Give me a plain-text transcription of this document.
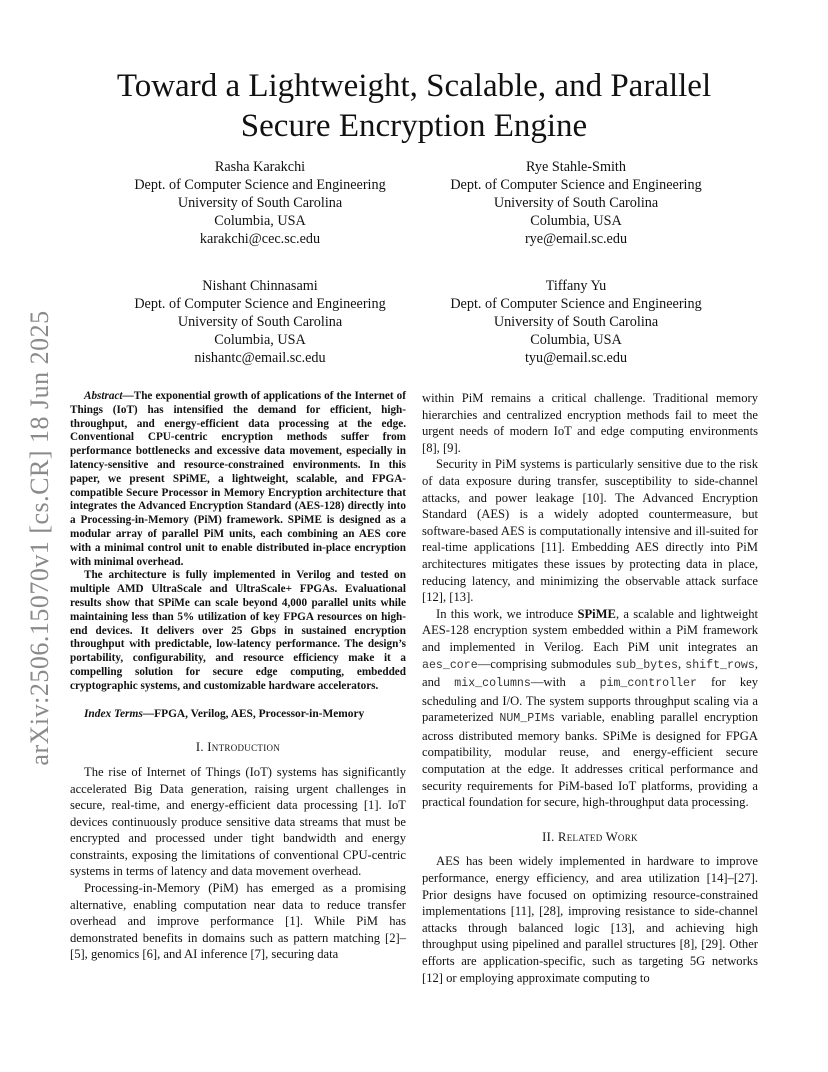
arXiv:2506.15070v1 [cs.CR] 18 Jun 2025
Toward a Lightweight, Scalable, and Parallel Secure Encryption Engine
Rasha Karakchi
Dept. of Computer Science and Engineering
University of South Carolina
Columbia, USA
karakchi@cec.sc.edu
Rye Stahle-Smith
Dept. of Computer Science and Engineering
University of South Carolina
Columbia, USA
rye@email.sc.edu
Nishant Chinnasami
Dept. of Computer Science and Engineering
University of South Carolina
Columbia, USA
nishantc@email.sc.edu
Tiffany Yu
Dept. of Computer Science and Engineering
University of South Carolina
Columbia, USA
tyu@email.sc.edu

Abstract—The exponential growth of applications of the Internet of Things (IoT) has intensified the demand for efficient, high-throughput, and energy-efficient data processing at the edge. Conventional CPU-centric encryption methods suffer from performance bottlenecks and excessive data movement, especially in latency-sensitive and resource-constrained environments. In this paper, we present SPiME, a lightweight, scalable, and FPGA-compatible Secure Processor in Memory Encryption architecture that integrates the Advanced Encryption Standard (AES-128) directly into a Processing-in-Memory (PiM) framework. SPiME is designed as a modular array of parallel PiM units, each combining an AES core with a minimal control unit to enable distributed in-place encryption with minimal overhead.

The architecture is fully implemented in Verilog and tested on multiple AMD UltraScale and UltraScale+ FPGAs. Evaluational results show that SPiMe can scale beyond 4,000 parallel units while maintaining less than 5% utilization of key FPGA resources on high-end devices. It delivers over 25 Gbps in sustained encryption throughput with predictable, low-latency performance. The design’s portability, configurability, and resource efficiency make it a compelling solution for secure edge computing, embedded cryptographic systems, and customizable hardware accelerators.

Index Terms—FPGA, Verilog, AES, Processor-in-Memory

I. Introduction

The rise of Internet of Things (IoT) systems has significantly accelerated Big Data generation, raising urgent challenges in secure, real-time, and energy-efficient data processing [1]. IoT devices continuously produce sensitive data streams that must be encrypted and processed under tight bandwidth and energy constraints, exposing the limitations of conventional CPU-centric systems in terms of latency and data movement overhead.

Processing-in-Memory (PiM) has emerged as a promising alternative, enabling computation near data to reduce transfer overhead and improve performance [1]. While PiM has demonstrated benefits in domains such as pattern matching [2]–[5], genomics [6], and AI inference [7], securing data

within PiM remains a critical challenge. Traditional memory hierarchies and centralized encryption methods fail to meet the urgent needs of modern IoT and edge computing environments [8], [9].

Security in PiM systems is particularly sensitive due to the risk of data exposure during transfer, susceptibility to side-channel attacks, and power leakage [10]. The Advanced Encryption Standard (AES) is a widely adopted countermeasure, but software-based AES is computationally intensive and ill-suited for real-time applications [11]. Embedding AES directly into PiM architectures mitigates these issues by protecting data in place, reducing latency, and minimizing the observable attack surface [12], [13].

In this work, we introduce SPiME, a scalable and lightweight AES-128 encryption system embedded within a PiM framework and implemented in Verilog. Each PiM unit integrates an aes_core—comprising submodules sub_bytes, shift_rows, and mix_columns—with a pim_controller for key scheduling and I/O. The system supports throughput scaling via a parameterized NUM_PIMs variable, enabling parallel encryption across distributed memory banks. SPiMe is designed for FPGA compatibility, modular reuse, and energy-efficient secure computation at the edge. It addresses critical performance and security requirements for PiM-based IoT platforms, providing a practical foundation for secure, high-throughput data processing.

II. Related Work

AES has been widely implemented in hardware to improve performance, energy efficiency, and area utilization [14]–[27]. Prior designs have focused on optimizing resource-constrained implementations [11], [28], improving resistance to side-channel attacks through balanced logic [13], and achieving high throughput using pipelined and parallel structures [8], [29]. Other efforts are application-specific, such as targeting 5G networks [12] or employing approximate computing to
